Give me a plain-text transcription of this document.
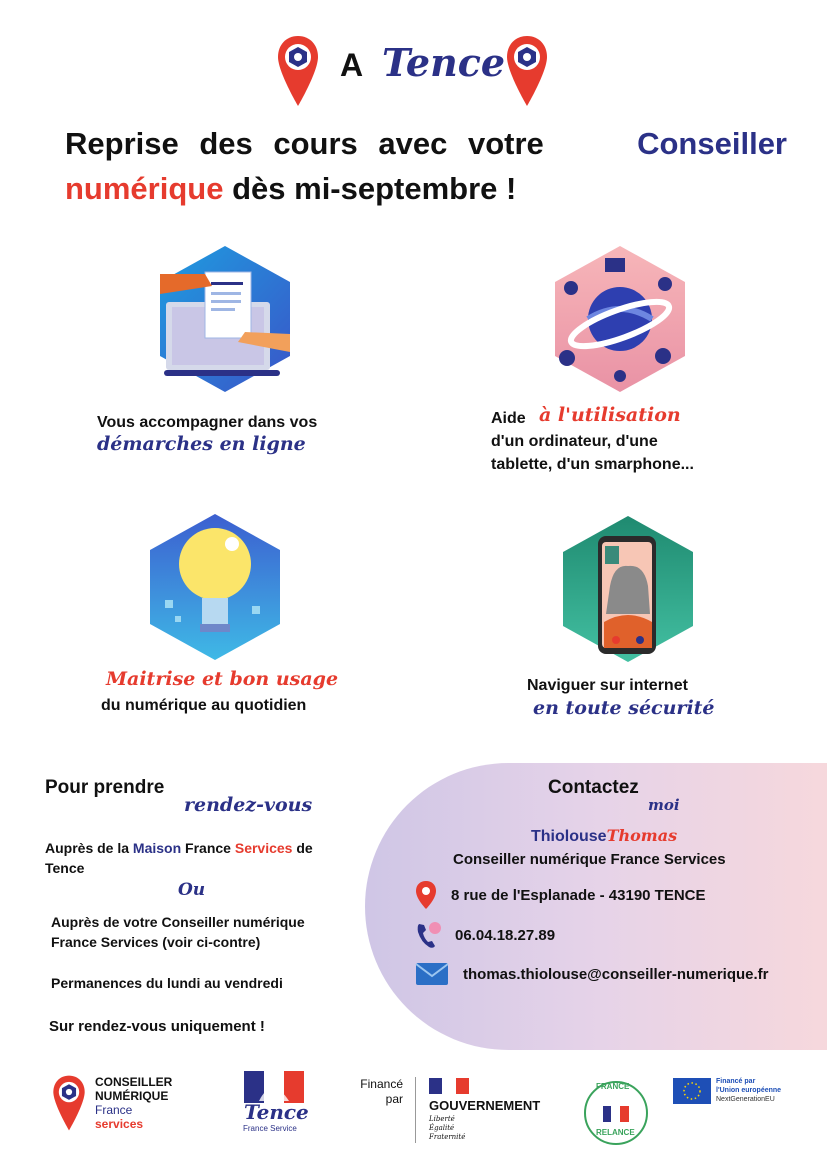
A Tence
Reprise des cours avec votre	Conseiller
numérique dès mi-septembre !
Vous accompagner dans vos
démarches en ligne
Aide à l'utilisation
d'un ordinateur, d'une
tablette, d'un smarphone...
Maitrise et bon usage
du numérique au quotidien
Naviguer sur internet
en toute sécurité
Pour prendre
rendez-vous
Auprès de la Maison France Services de
Tence
Ou
Auprès de votre Conseiller numérique
France Services (voir ci-contre)
Permanences du lundi au vendredi
Sur rendez-vous uniquement !
Contactez
moi
ThiolouseThomas
Conseiller numérique France Services
8 rue de l'Esplanade - 43190 TENCE
06.04.18.27.89
thomas.thiolouse@conseiller-numerique.fr
CONSEILLER
NUMÉRIQUE
France
services	Tence
France Service
Financé
par GOUVERNEMENT
Liberté
Égalité
Fraternité
FRANCE
RELANCE
Financé par
l'Union européenne
NextGenerationEU
